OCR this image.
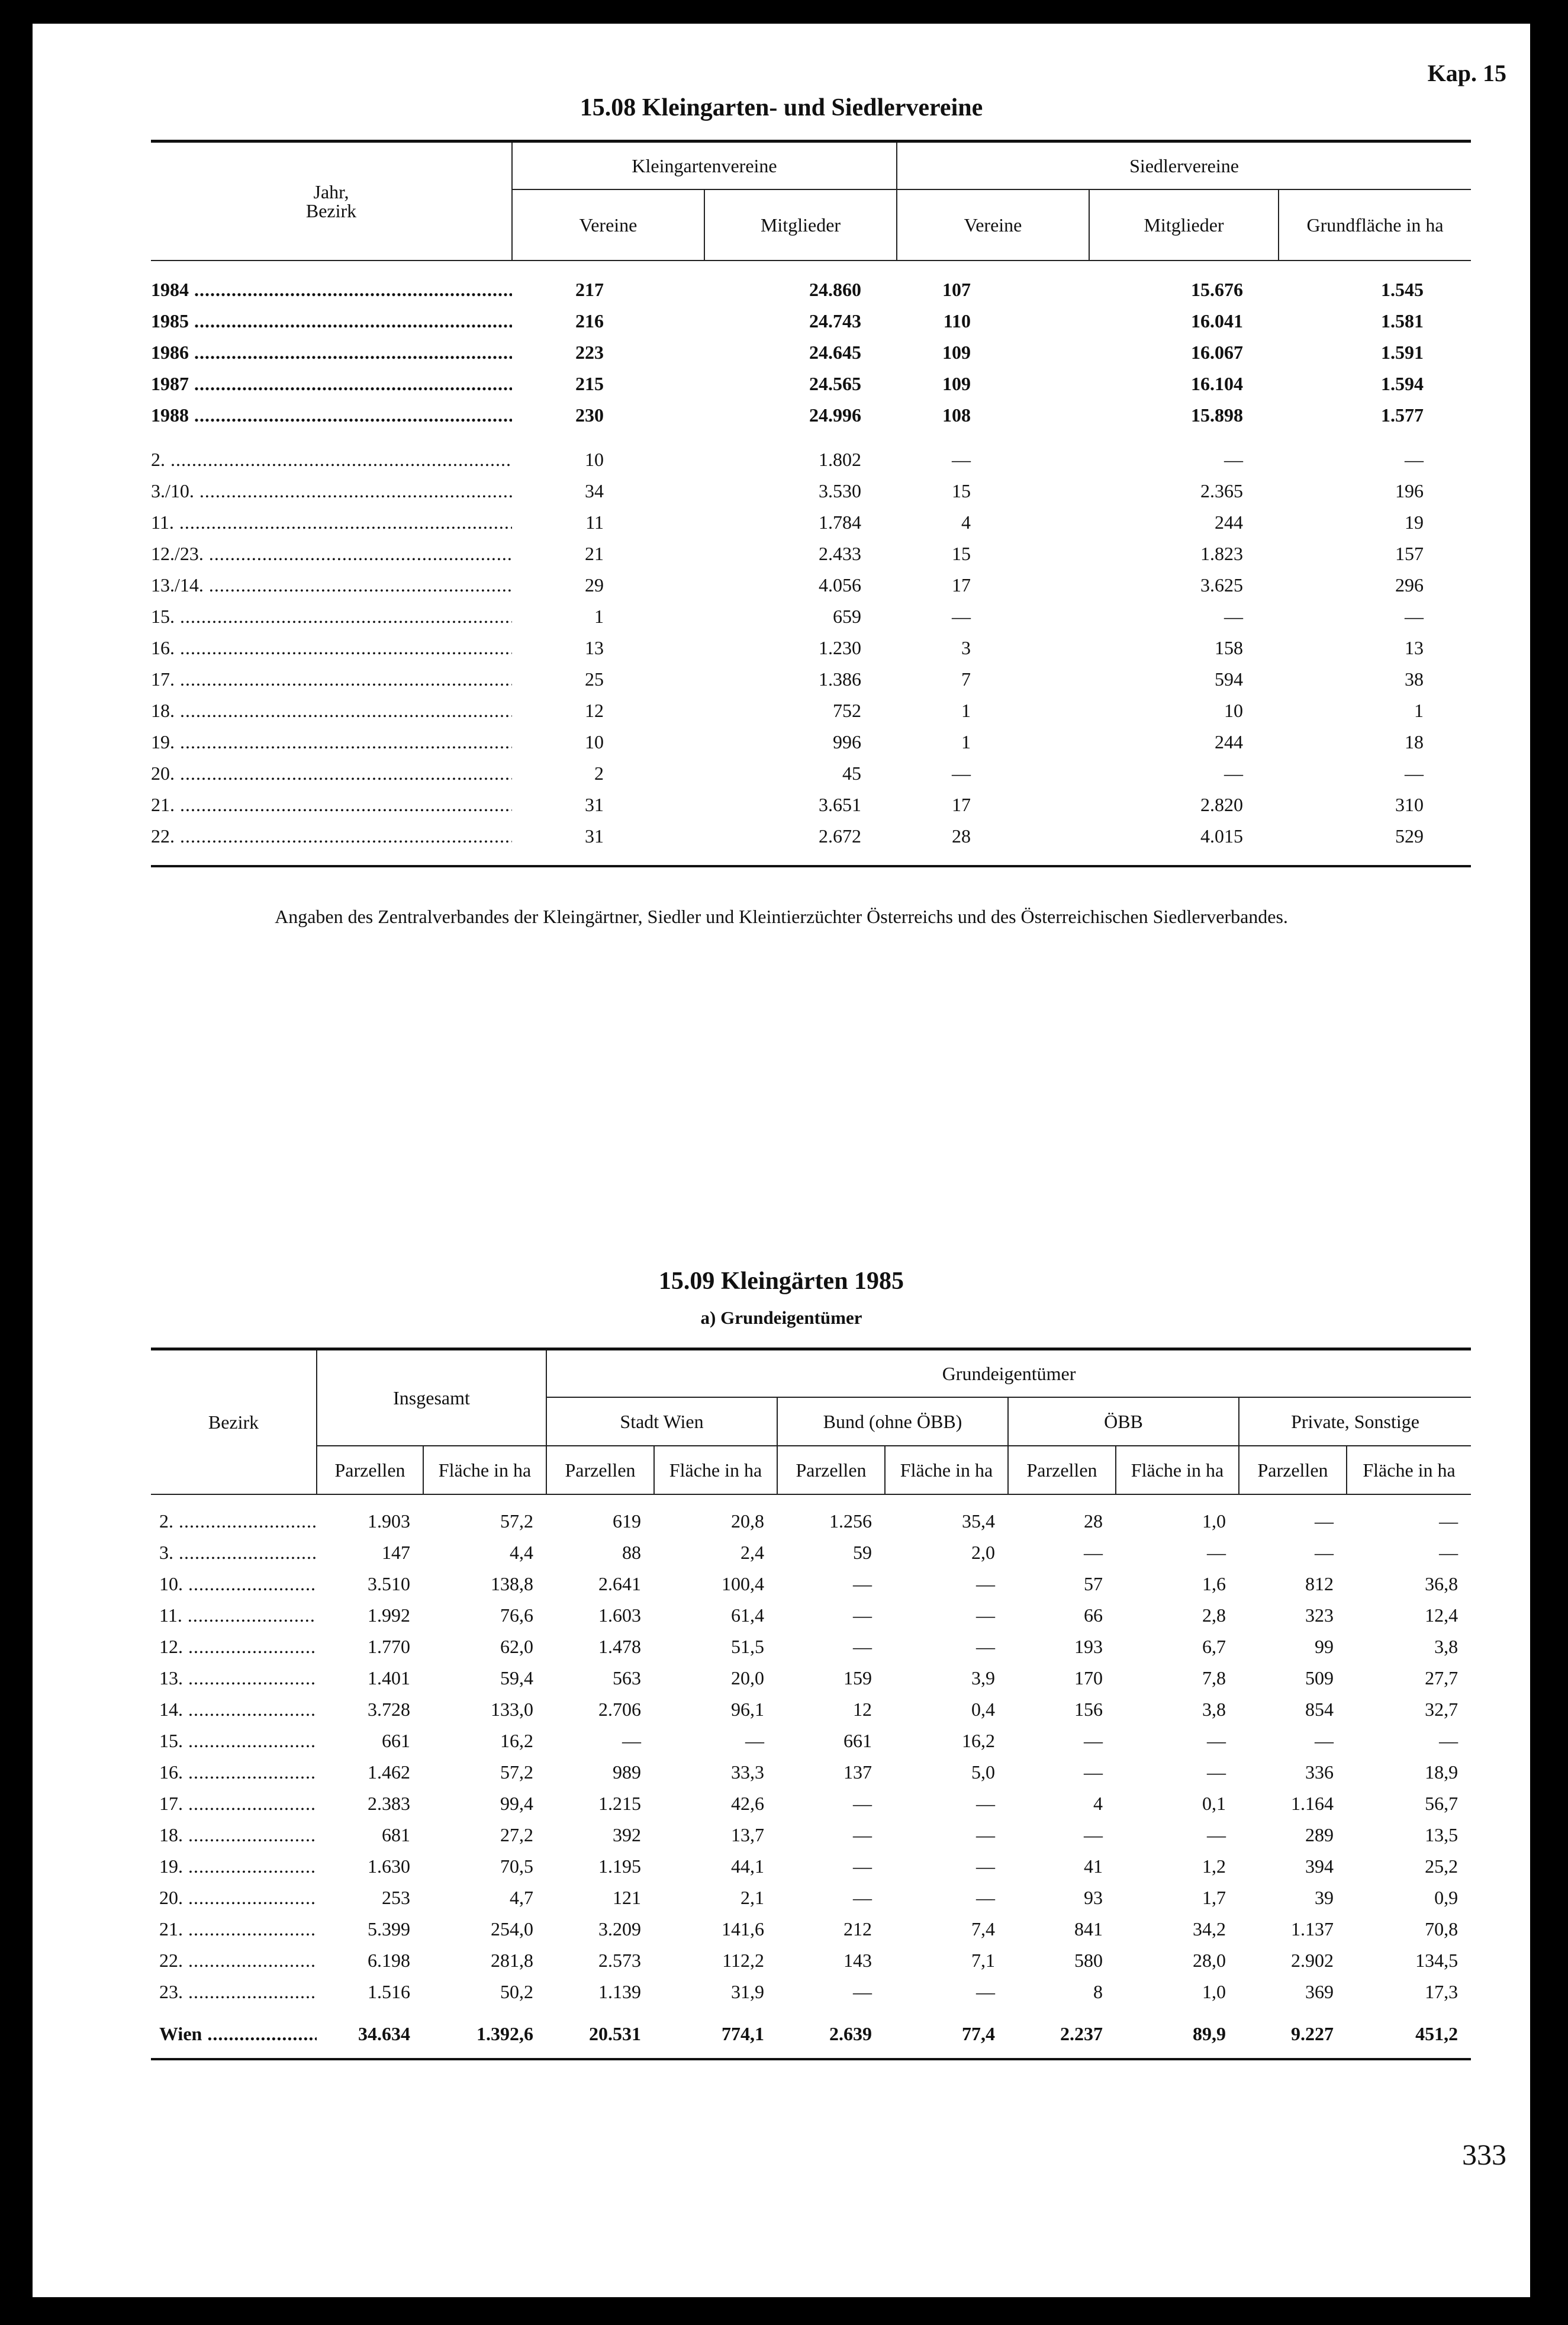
Kap. 15
15.08 Kleingarten- und Siedlervereine
Jahr,
Bezirk	Kleingartenvereine		Siedlervereine		
	Vereine	Mitglieder	Vereine	Mitglieder	Grundfläche in ha

1984 .....	217	24.860	107	15.676	1.545

1985 .....	216	24.743	110	16.041	1.581

1986 .....	223	24.645	109	16.067	1.591

1987 .....	215	24.565	109	16.104	1.594

1988 .....	230	24.996	108	15.898	1.577

2. .....	10	1.802	—	—	—

3./10. .....	34	3.530	15	2.365	196

11. .....	11	1.784	4	244	19

12./23. .....	21	2.433	15	1.823	157

13./14. .....	29	4.056	17	3.625	296

15. .....	1	659	—	—	—

16. .....	13	1.230	3	158	13

17. .....	25	1.386	7	594	38

18. .....	12	752	1	10	1

19. .....	10	996	1	244	18

20. .....	2	45	—	—	—

21. .....	31	3.651	17	2.820	310

22. .....	31	2.672	28	4.015	529

Angaben des Zentralverbandes der Kleingärtner, Siedler und Kleintierzüchter Österreichs und des Österreichischen Siedlerverbandes.
15.09 Kleingärten 1985
a) Grundeigentümer
Bezirk	Insgesamt		Grundeigentümer							
			Stadt Wien		Bund (ohne ÖBB)		ÖBB		Private, Sonstige	
	Parzellen	Fläche in ha	Parzellen	Fläche in ha	Parzellen	Fläche in ha	Parzellen	Fläche in ha	Parzellen	Fläche in ha

2. .....	1.903	57,2	619	20,8	1.256	35,4	28	1,0	—	—
3. .....	147	4,4	88	2,4	59	2,0	—	—	—	—
10. .....	3.510	138,8	2.641	100,4	—	—	57	1,6	812	36,8
11. .....	1.992	76,6	1.603	61,4	—	—	66	2,8	323	12,4
12. .....	1.770	62,0	1.478	51,5	—	—	193	6,7	99	3,8
13. .....	1.401	59,4	563	20,0	159	3,9	170	7,8	509	27,7
14. .....	3.728	133,0	2.706	96,1	12	0,4	156	3,8	854	32,7
15. .....	661	16,2	—	—	661	16,2	—	—	—	—
16. .....	1.462	57,2	989	33,3	137	5,0	—	—	336	18,9
17. .....	2.383	99,4	1.215	42,6	—	—	4	0,1	1.164	56,7
18. .....	681	27,2	392	13,7	—	—	—	—	289	13,5
19. .....	1.630	70,5	1.195	44,1	—	—	41	1,2	394	25,2
20. .....	253	4,7	121	2,1	—	—	93	1,7	39	0,9
21. .....	5.399	254,0	3.209	141,6	212	7,4	841	34,2	1.137	70,8
22. .....	6.198	281,8	2.573	112,2	143	7,1	580	28,0	2.902	134,5
23. .....	1.516	50,2	1.139	31,9	—	—	8	1,0	369	17,3

Wien .....	34.634	1.392,6	20.531	774,1	2.639	77,4	2.237	89,9	9.227	451,2

333
